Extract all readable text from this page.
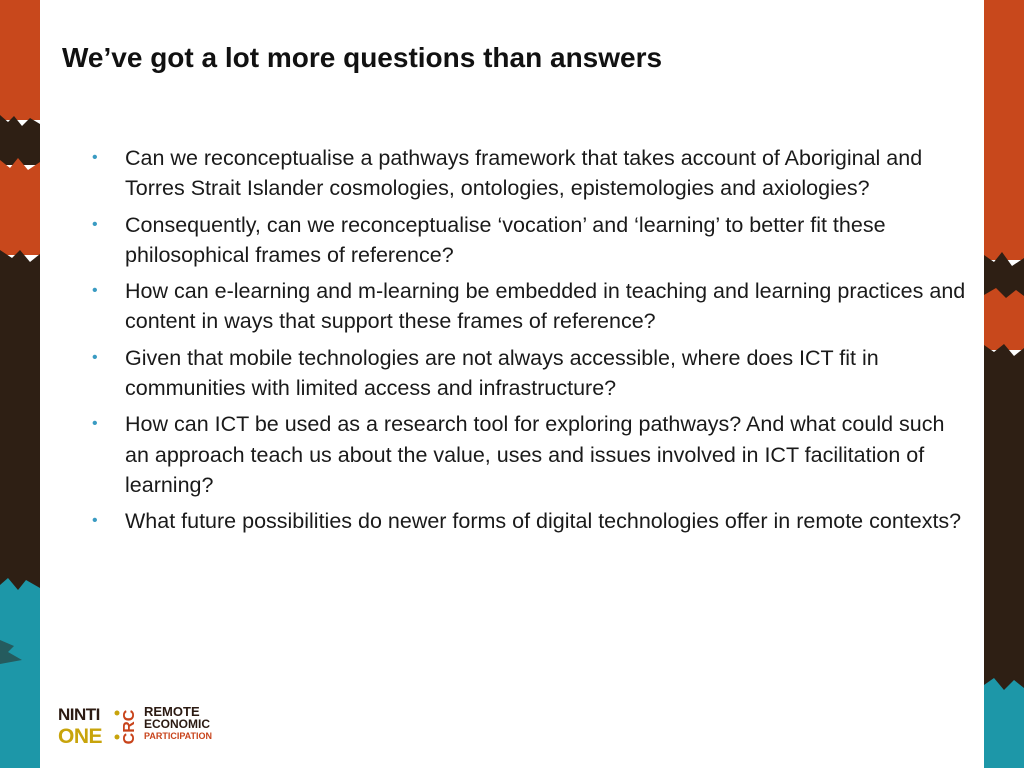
We’ve got a lot more questions than answers
• Can we reconceptualise a pathways framework that takes account of Aboriginal and Torres Strait Islander cosmologies, ontologies, epistemologies and axiologies?
• Consequently, can we reconceptualise ‘vocation’ and ‘learning’ to better fit these philosophical frames of reference?
• How can e-learning and m-learning be embedded in teaching and learning practices and content in ways that support these frames of reference?
• Given that mobile technologies are not always accessible, where does ICT fit in communities with limited access and infrastructure?
• How can ICT be used as a research tool for exploring pathways? And what could such an approach teach us about the value, uses and issues involved in ICT facilitation of learning?
• What future possibilities do newer forms of digital technologies offer in remote contexts?
NINTI
ONE CRC REMOTE
ECONOMIC
PARTICIPATION
